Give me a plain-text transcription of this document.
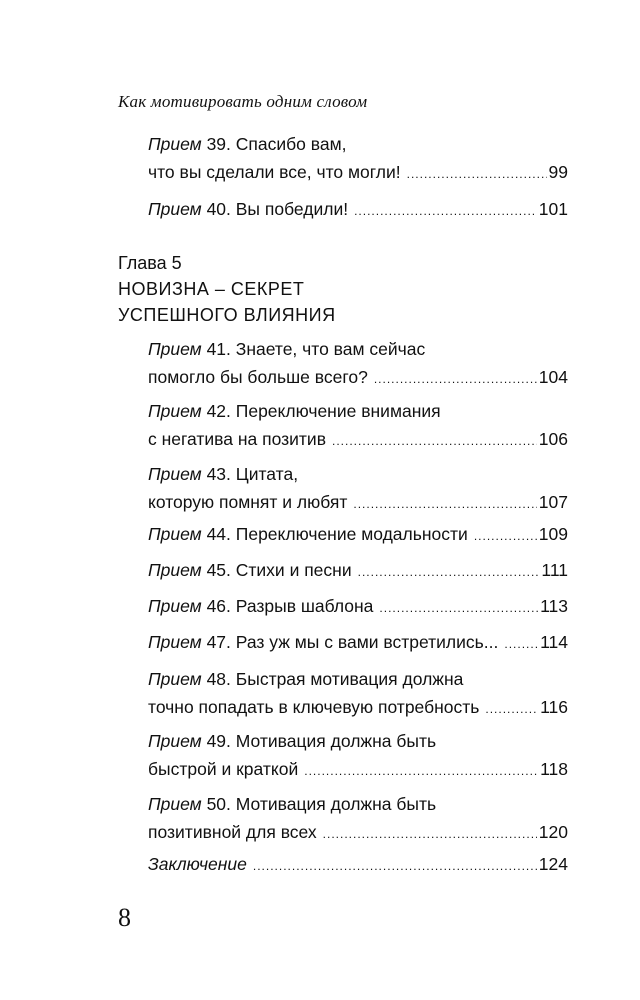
Как мотивировать одним словом
Прием
39. Спасибо вам,
что вы сделали все, что могли! .....	99
Прием
40. Вы победили! .....	101
Глава 5
НОВИЗНА – СЕКРЕТ
УСПЕШНОГО ВЛИЯНИЯ
Прием
41. Знаете, что вам сейчас
помогло бы больше всего? .....	104
Прием
42. Переключение внимания
с негатива на позитив .....	106
Прием
43. Цитата,
которую помнят и любят .....	107
Прием
44. Переключение модальности .....	109
Прием
45. Стихи и песни .....	111
Прием
46. Разрыв шаблона .....	113
Прием
47. Раз уж мы с вами встретились... ..... 114
Прием
48. Быстрая мотивация должна
точно попадать в ключевую потребность .....	116
Прием
49. Мотивация должна быть
быстрой и краткой .....	118
Прием
50. Мотивация должна быть
позитивной для всех .....	120
Заключение .....	124
8
